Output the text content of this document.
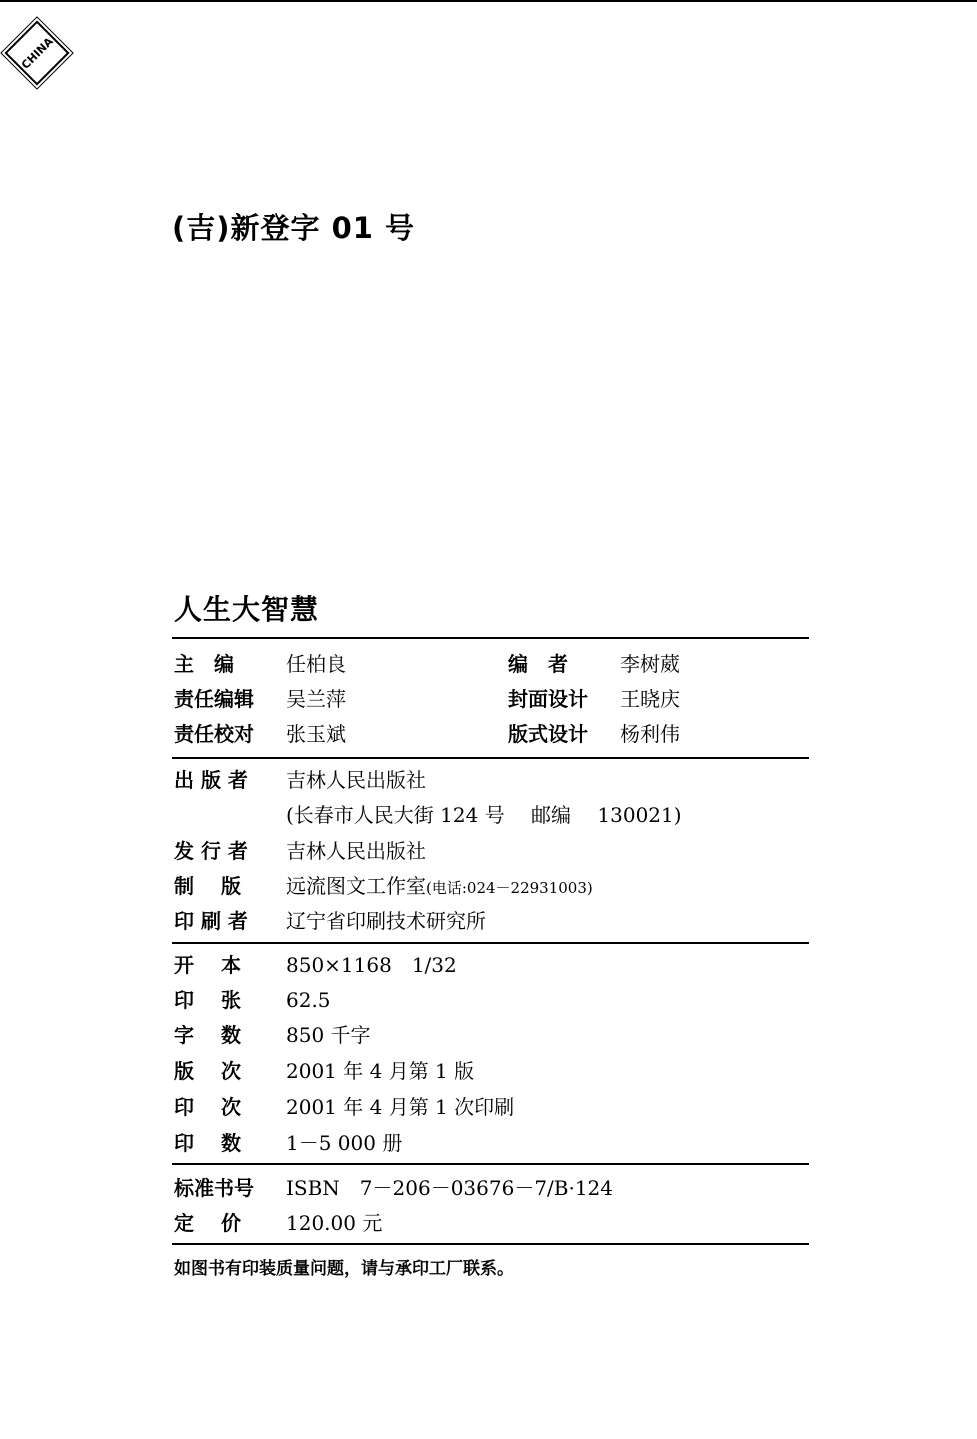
CHINA
(吉)新登字 01 号
人生大智慧
主　编	任柏良	编　者	李树葳
责任编辑	吴兰萍	封面设计	王晓庆
责任校对	张玉斌	版式设计	杨利伟
出 版 者	吉林人民出版社
(长春市人民大街 124 号　 邮编　 130021)
发 行 者	吉林人民出版社
制　 版	远流图文工作室(电话:024－22931003)
印 刷 者	辽宁省印刷技术研究所
开　 本	850×1168　1/32
印　 张	62.5
字　 数	850 千字
版　 次	2001 年 4 月第 1 版
印　 次	2001 年 4 月第 1 次印刷
印　 数	1－5 000 册
标准书号	ISBN　7－206－03676－7/B·124
定　 价	120.00 元
如图书有印装质量问题，请与承印工厂联系。
